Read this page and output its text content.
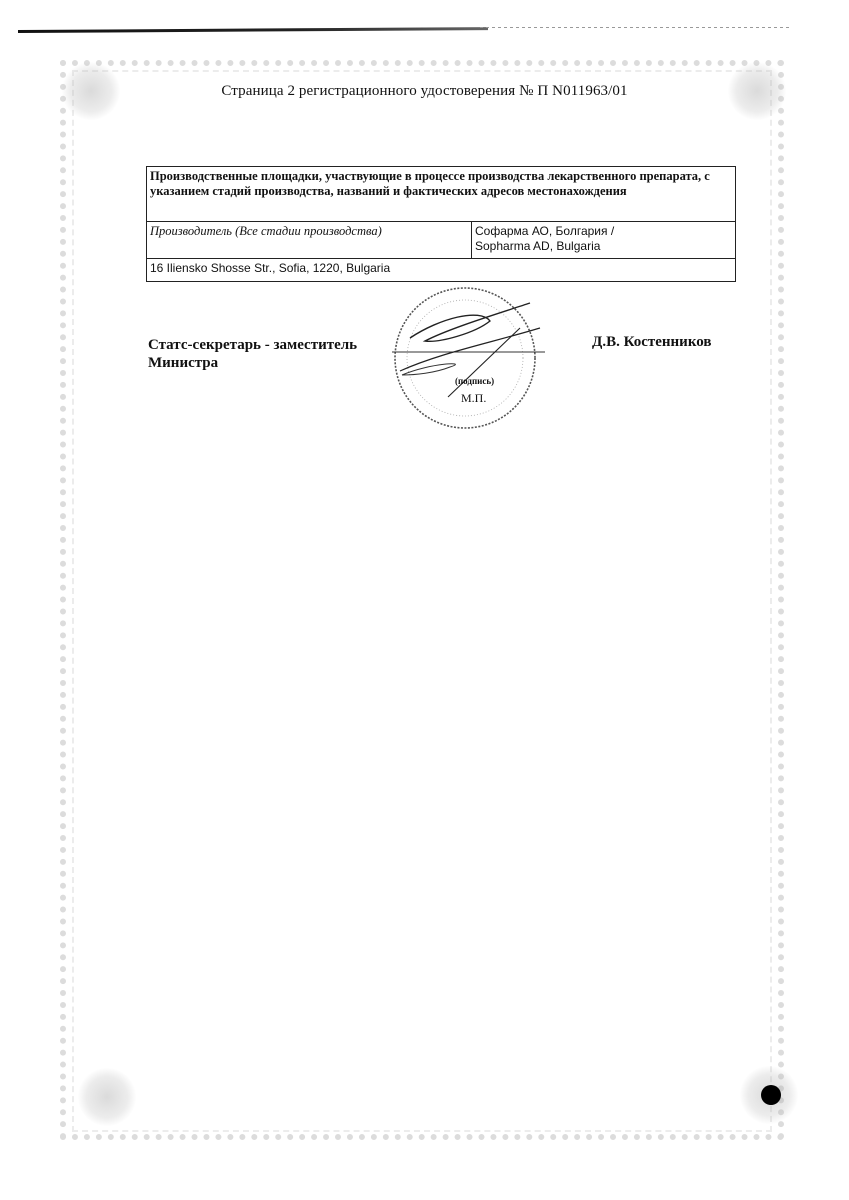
Страница 2 регистрационного удостоверения № П N011963/01
Производственные площадки, участвующие в процессе производства лекарственного препарата, с указанием стадий производства, названий и фактических адресов местонахождения
Производитель (Все стадии производства)	Софарма АО, Болгария /
Sopharma AD, Bulgaria

16 Iliensko Shosse Str., Sofia, 1220, Bulgaria
Статс-секретарь - заместитель
Министра
(подпись)
М.П.
Д.В. Костенников
